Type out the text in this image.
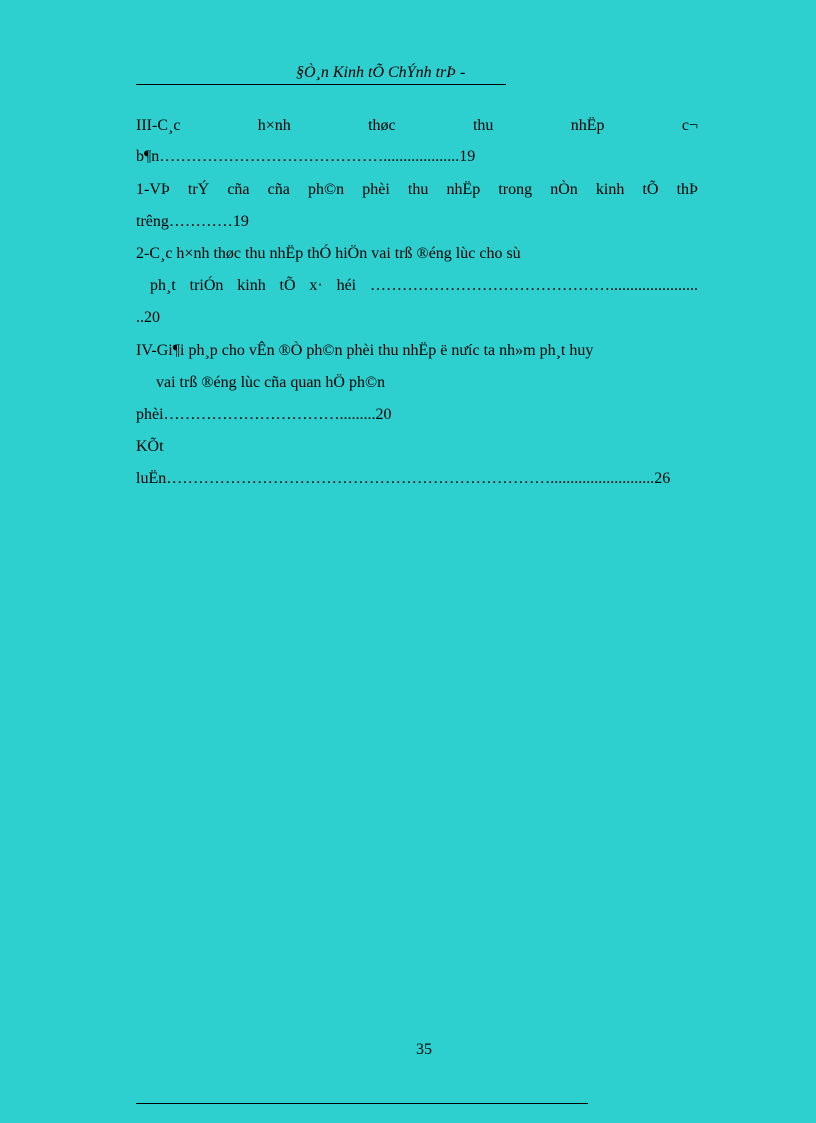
§Ò¸n Kinh tÕ ChÝnh trÞ -
III-C¸c	h×nh	thøc	thu	nhËp	c¬
b¶n……………………………………...................19
1-VÞ trÝ cña cña ph©n phèi thu nhËp trong nÒn kinh tÕ thÞ
trêng…………19
2-C¸c h×nh thøc thu nhËp thÓ hiÖn vai trß ®éng lùc cho sù
ph¸t triÓn kinh tÕ x· héi ………………………………………......................
..20
IV-Gi¶i ph¸p cho vÊn ®Ò ph©n phèi thu nhËp ë nưíc ta nh»m ph¸t huy
vai trß ®éng lùc cña quan hÖ ph©n
phèi…………………………….........20
KÕt
luËn………………………………………………………………..........................26
35
